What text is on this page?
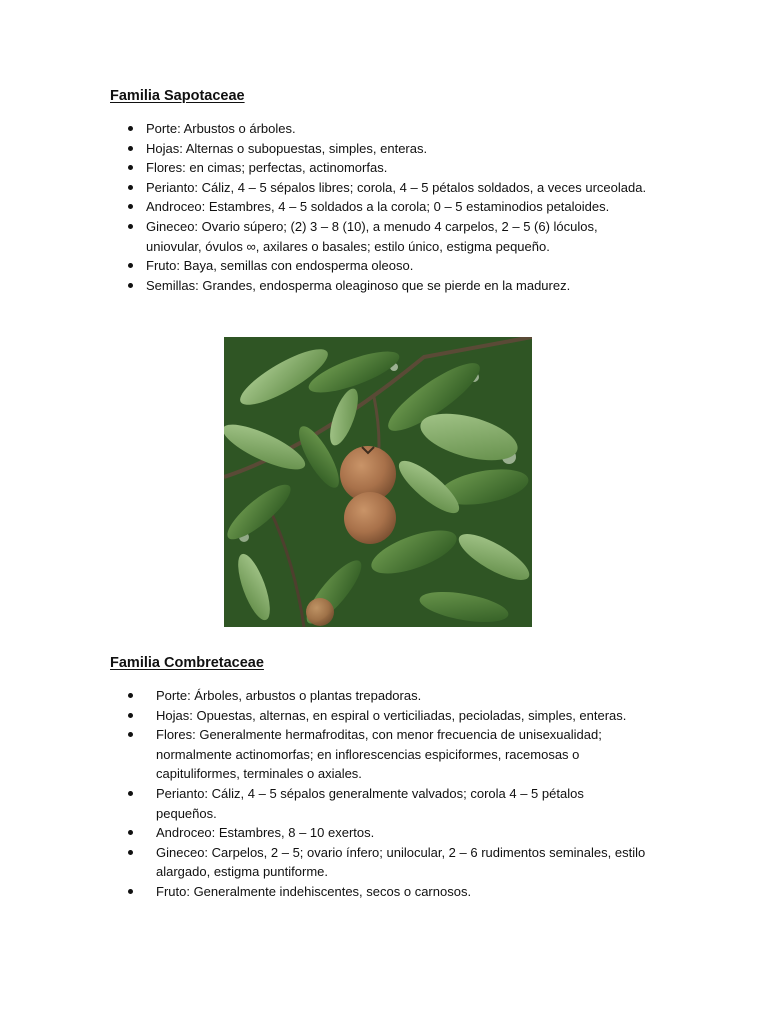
Familia Sapotaceae
Porte: Arbustos o árboles.
Hojas: Alternas o subopuestas, simples, enteras.
Flores: en cimas; perfectas, actinomorfas.
Perianto: Cáliz, 4 – 5 sépalos libres; corola, 4 – 5 pétalos soldados, a veces urceolada.
Androceo: Estambres, 4 – 5 soldados a la corola; 0 – 5 estaminodios petaloides.
Gineceo: Ovario súpero; (2) 3 – 8 (10), a menudo 4 carpelos, 2 – 5 (6) lóculos, uniovular, óvulos ∞, axilares o basales; estilo único, estigma pequeño.
Fruto: Baya, semillas con endosperma oleoso.
Semillas: Grandes, endosperma oleaginoso que se pierde en la madurez.
Familia Combretaceae
Porte: Árboles, arbustos o plantas trepadoras.
Hojas: Opuestas, alternas, en espiral o verticiliadas, pecioladas, simples, enteras.
Flores: Generalmente hermafroditas, con menor frecuencia de unisexualidad; normalmente actinomorfas; en inflorescencias espiciformes, racemosas o capituliformes, terminales o axiales.
Perianto: Cáliz, 4 – 5 sépalos generalmente valvados; corola 4 – 5 pétalos pequeños.
Androceo: Estambres, 8 – 10 exertos.
Gineceo: Carpelos, 2 – 5; ovario ínfero; unilocular, 2 – 6 rudimentos seminales, estilo alargado, estigma puntiforme.
Fruto: Generalmente indehiscentes, secos o carnosos.
